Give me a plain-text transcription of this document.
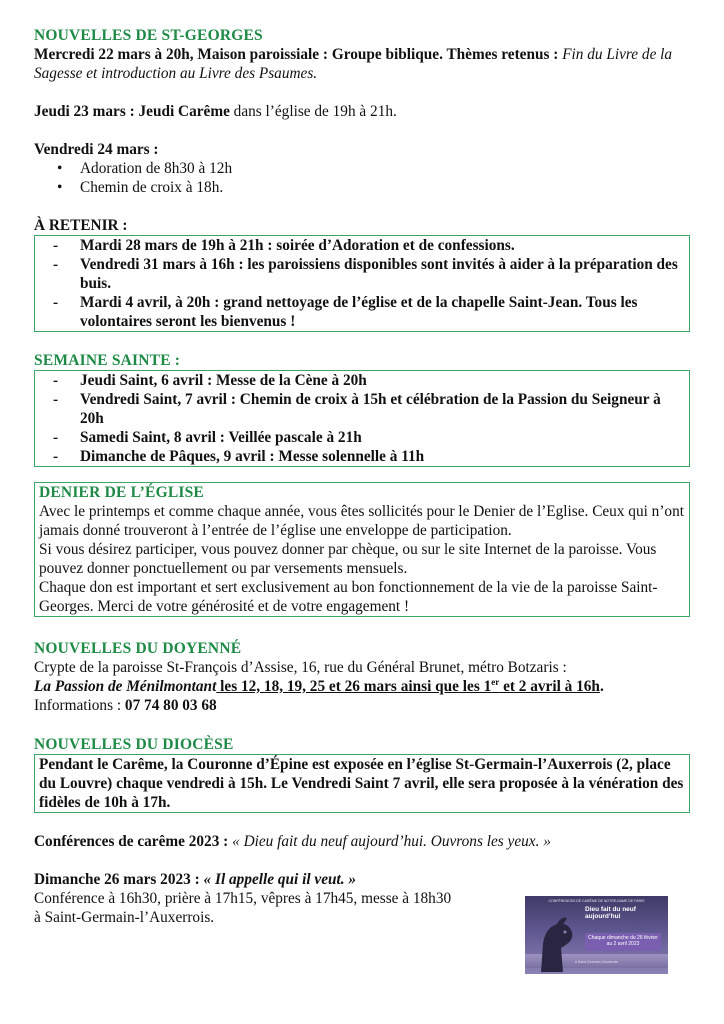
NOUVELLES DE ST-GEORGES

Mercredi 22 mars à 20h, Maison paroissiale : Groupe biblique. Thèmes retenus : Fin du Livre de la Sagesse et introduction au Livre des Psaumes.

Jeudi 23 mars : Jeudi Carême dans l’église de 19h à 21h.

Vendredi 24 mars :

• Adoration de 8h30 à 12h
• Chemin de croix à 18h.

À RETENIR :

- Mardi 28 mars de 19h à 21h : soirée d’Adoration et de confessions.
- Vendredi 31 mars à 16h : les paroissiens disponibles sont invités à aider à la préparation des buis.
- Mardi 4 avril, à 20h : grand nettoyage de l’église et de la chapelle Saint-Jean. Tous les volontaires seront les bienvenus !
SEMAINE SAINTE :
- Jeudi Saint, 6 avril : Messe de la Cène à 20h
- Vendredi Saint, 7 avril : Chemin de croix à 15h et célébration de la Passion du Seigneur à 20h
- Samedi Saint, 8 avril : Veillée pascale à 21h
- Dimanche de Pâques, 9 avril : Messe solennelle à 11h
DENIER DE L’ÉGLISE

Avec le printemps et comme chaque année, vous êtes sollicités pour le Denier de l’Eglise. Ceux qui n’ont jamais donné trouveront à l’entrée de l’église une enveloppe de participation.

Si vous désirez participer, vous pouvez donner par chèque, ou sur le site Internet de la paroisse. Vous pouvez donner ponctuellement ou par versements mensuels.

Chaque don est important et sert exclusivement au bon fonctionnement de la vie de la paroisse Saint-Georges. Merci de votre générosité et de votre engagement !

NOUVELLES DU DOYENNÉ

Crypte de la paroisse St-François d’Assise, 16, rue du Général Brunet, métro Botzaris :

La Passion de Ménilmontant les 12, 18, 19, 25 et 26 mars ainsi que les 1er et 2 avril à 16h.

Informations : 07 74 80 03 68

NOUVELLES DU DIOCÈSE
Pendant le Carême, la Couronne d’Épine est exposée en l’église St-Germain-l’Auxerrois (2, place du Louvre) chaque vendredi à 15h. Le Vendredi Saint 7 avril, elle sera proposée à la vénération des fidèles de 10h à 17h.

Conférences de carême 2023 : « Dieu fait du neuf aujourd’hui. Ouvrons les yeux. »

Dimanche 26 mars 2023 : « Il appelle qui il veut. »

Conférence à 16h30, prière à 17h15, vêpres à 17h45, messe à 18h30

à Saint-Germain-l’Auxerrois.

CONFÉRENCES DE CARÊME DE NOTRE-DAME DE PARIS
Dieu fait du neuf aujourd’hui
Chaque dimanche du 26 février au 2 avril 2023
à Saint-Germain-l’Auxerrois
